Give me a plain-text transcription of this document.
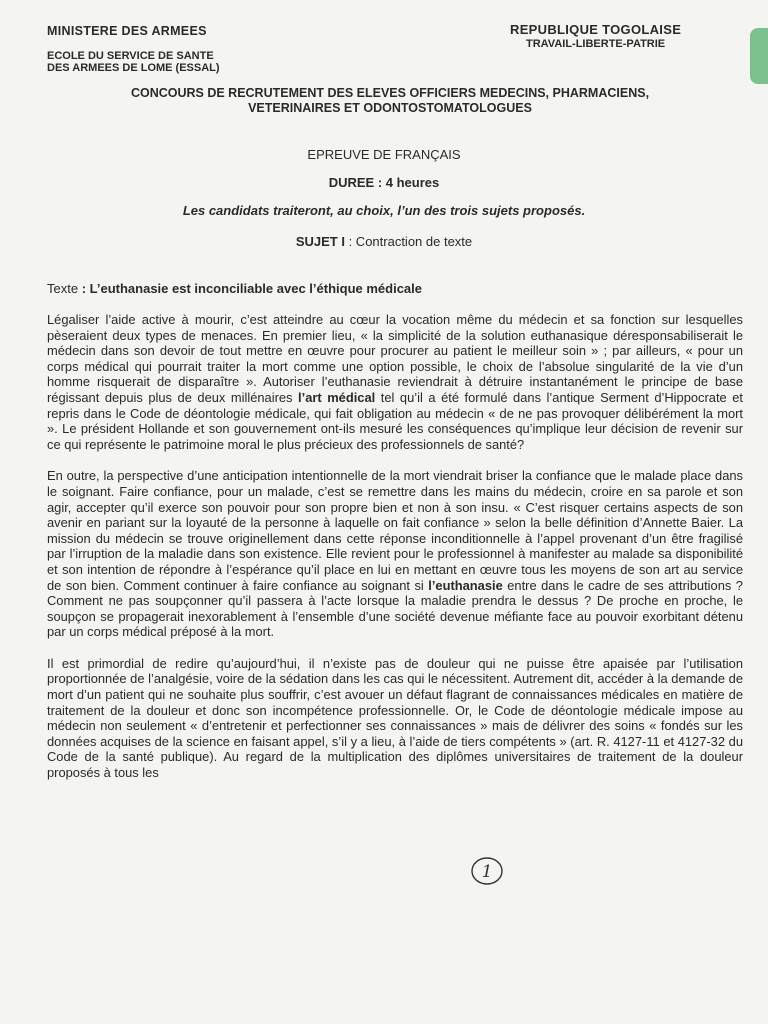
MINISTERE DES ARMEES
ECOLE DU SERVICE DE SANTE
DES ARMEES DE LOME (ESSAL)
REPUBLIQUE TOGOLAISE
TRAVAIL-LIBERTE-PATRIE
CONCOURS DE RECRUTEMENT DES ELEVES OFFICIERS MEDECINS, PHARMACIENS,
VETERINAIRES ET ODONTOSTOMATOLOGUES
EPREUVE DE FRANÇAIS
DUREE : 4 heures
Les candidats traiteront, au choix, l’un des trois sujets proposés.
SUJET I : Contraction de texte
Texte : L’euthanasie est inconciliable avec l’éthique médicale

Légaliser l’aide active à mourir, c’est atteindre au cœur la vocation même du médecin et sa fonction sur lesquelles pèseraient deux types de menaces. En premier lieu, « la simplicité de la solution euthanasique déresponsabiliserait le médecin dans son devoir de tout mettre en œuvre pour procurer au patient le meilleur soin » ; par ailleurs, « pour un corps médical qui pourrait traiter la mort comme une option possible, le choix de l’absolue singularité de la vie d’un homme risquerait de disparaître ». Autoriser l’euthanasie reviendrait à détruire instantanément le principe de base régissant depuis plus de deux millénaires l’art médical tel qu’il a été formulé dans l’antique Serment d’Hippocrate et repris dans le Code de déontologie médicale, qui fait obligation au médecin « de ne pas provoquer délibérément la mort ». Le président Hollande et son gouvernement ont-ils mesuré les conséquences qu’implique leur décision de revenir sur ce qui représente le patrimoine moral le plus précieux des professionnels de santé?

En outre, la perspective d’une anticipation intentionnelle de la mort viendrait briser la confiance que le malade place dans le soignant. Faire confiance, pour un malade, c’est se remettre dans les mains du médecin, croire en sa parole et son agir, accepter qu’il exerce son pouvoir pour son propre bien et non à son insu. « C’est risquer certains aspects de son avenir en pariant sur la loyauté de la personne à laquelle on fait confiance » selon la belle définition d’Annette Baier. La mission du médecin se trouve originellement dans cette réponse inconditionnelle à l’appel provenant d’un être fragilisé par l’irruption de la maladie dans son existence. Elle revient pour le professionnel à manifester au malade sa disponibilité et son intention de répondre à l’espérance qu’il place en lui en mettant en œuvre tous les moyens de son art au service de son bien. Comment continuer à faire confiance au soignant si l’euthanasie entre dans le cadre de ses attributions ? Comment ne pas soupçonner qu’il passera à l’acte lorsque la maladie prendra le dessus ? De proche en proche, le soupçon se propagerait inexorablement à l’ensemble d’une société devenue méfiante face au pouvoir exorbitant détenu par un corps médical préposé à la mort.

Il est primordial de redire qu’aujourd’hui, il n’existe pas de douleur qui ne puisse être apaisée par l’utilisation proportionnée de l’analgésie, voire de la sédation dans les cas qui le nécessitent. Autrement dit, accéder à la demande de mort d’un patient qui ne souhaite plus souffrir, c’est avouer un défaut flagrant de connaissances médicales en matière de traitement de la douleur et donc son incompétence professionnelle. Or, le Code de déontologie médicale impose au médecin non seulement « d’entretenir et perfectionner ses connaissances » mais de délivrer des soins « fondés sur les données acquises de la science en faisant appel, s’il y a lieu, à l’aide de tiers compétents » (art. R. 4127-11 et 4127-32 du Code de la santé publique). Au regard de la multiplication des diplômes universitaires de traitement de la douleur proposés à tous les

1
